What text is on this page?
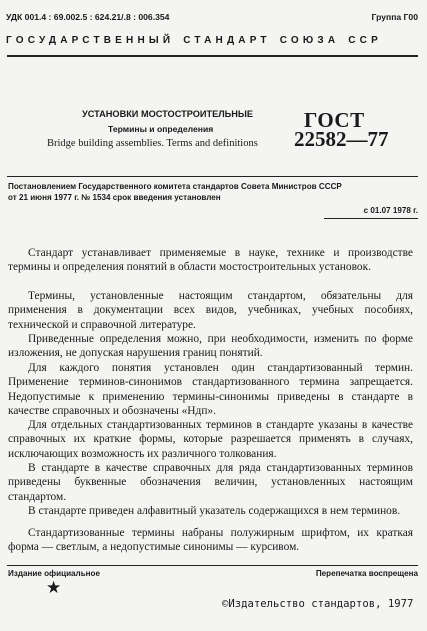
УДК 001.4 : 69.002.5 : 624.21/.8 : 006.354	Группа Г00
ГОСУДАРСТВЕННЫЙ СТАНДАРТ СОЮЗА ССР
УСТАНОВКИ МОСТОСТРОИТЕЛЬНЫЕ
Термины и определения
Bridge building assemblies. Terms and definitions
ГОСТ
22582—77
Постановлением Государственного комитета стандартов Совета Министров СССР
от 21 июня 1977 г. № 1534 срок введения установлен
с 01.07 1978 г.
Стандарт устанавливает применяемые в науке, технике и производстве термины и определения понятий в области мостостроительных установок.
Термины, установленные настоящим стандартом, обязательны для применения в документации всех видов, учебниках, учебных пособиях, технической и справочной литературе.
Приведенные определения можно, при необходимости, изменить по форме изложения, не допуская нарушения границ понятий.
Для каждого понятия установлен один стандартизованный термин. Применение терминов-синонимов стандартизованного термина запрещается. Недопустимые к применению термины-синонимы приведены в стандарте в качестве справочных и обозначены «Ндп».
Для отдельных стандартизованных терминов в стандарте указаны в качестве справочных их краткие формы, которые разрешается применять в случаях, исключающих возможность их различного толкования.
В стандарте в качестве справочных для ряда стандартизованных терминов приведены буквенные обозначения величин, установленных настоящим стандартом.
В стандарте приведен алфавитный указатель содержащихся в нем терминов.
Стандартизованные термины набраны полужирным шрифтом, их краткая форма — светлым, а недопустимые синонимы — курсивом.
Издание официальное	Перепечатка воспрещена
★
©Издательство стандартов, 1977
